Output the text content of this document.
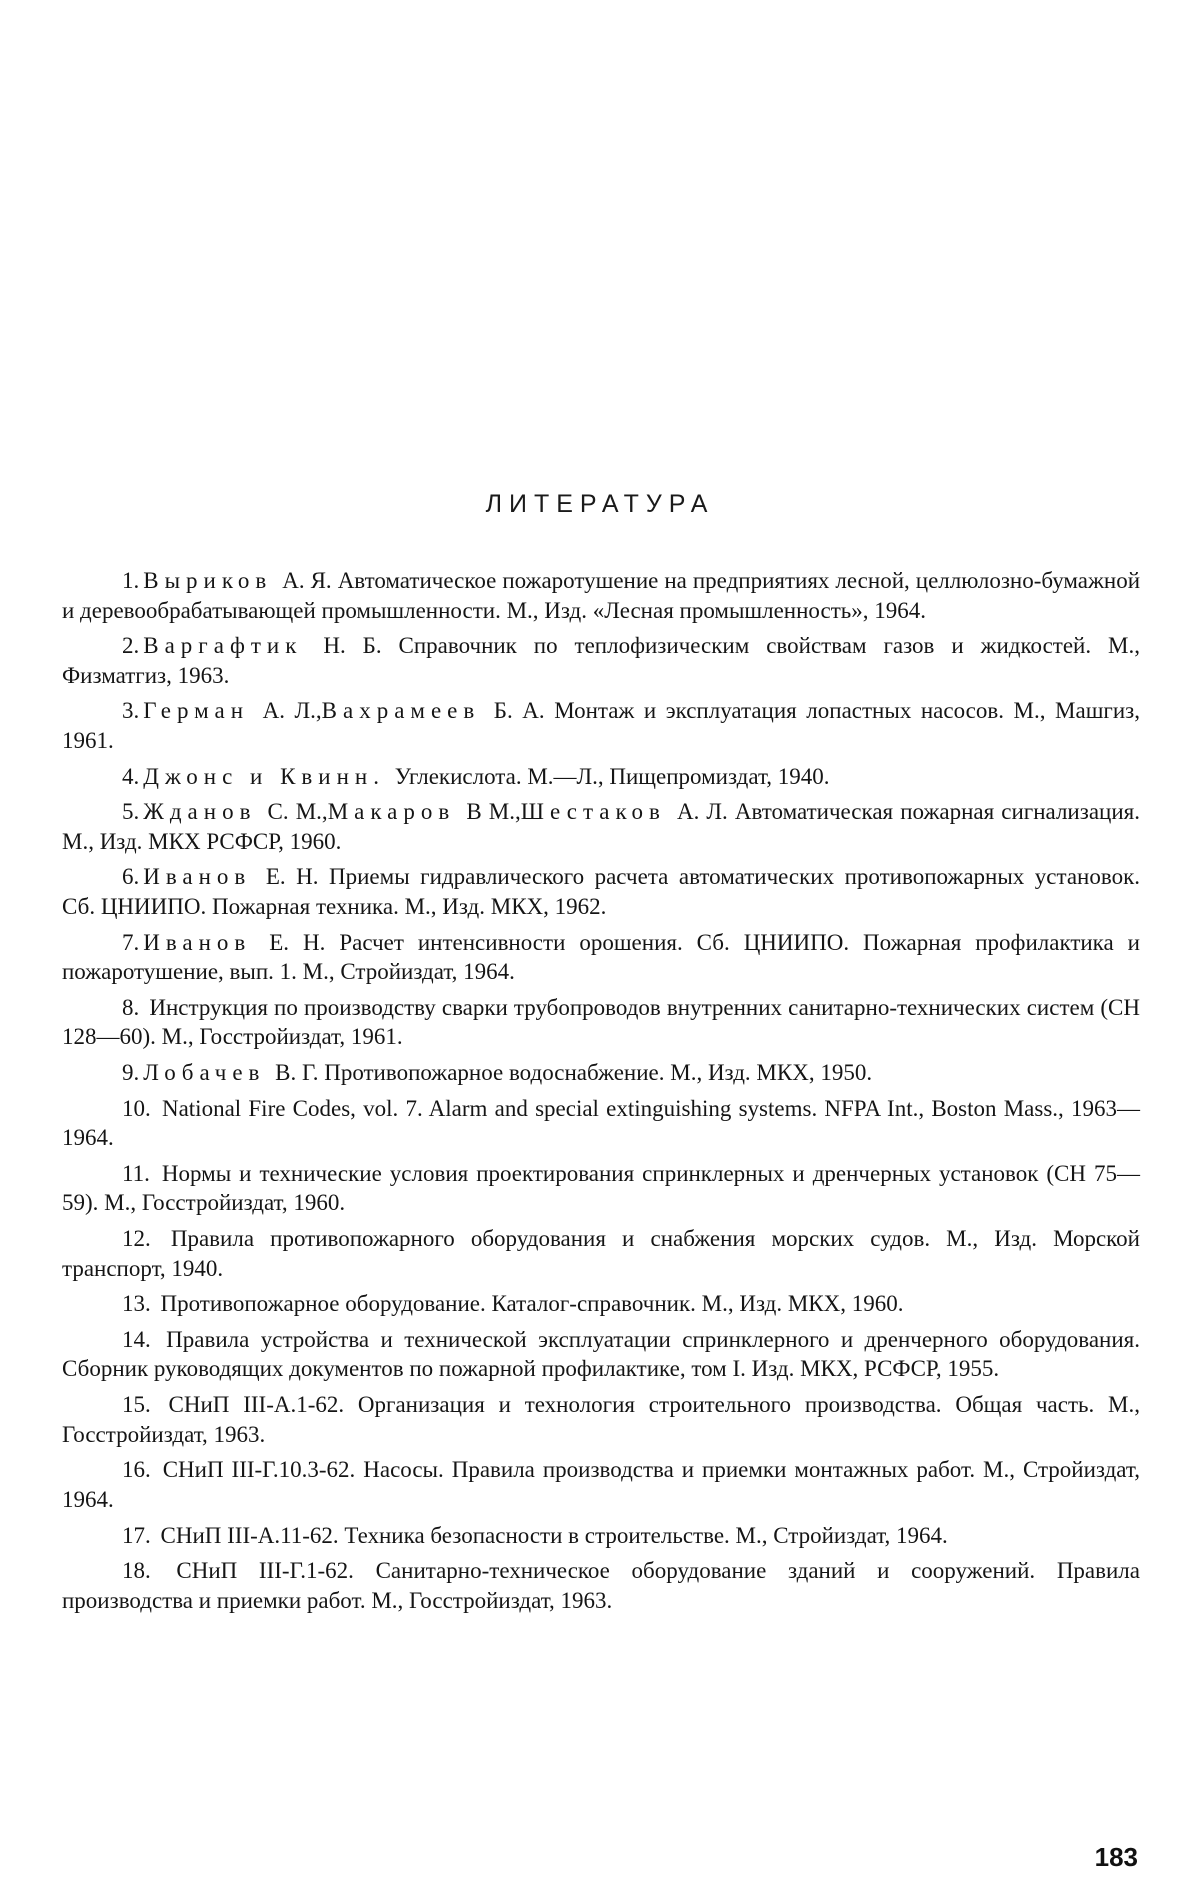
ЛИТЕРАТУРА
1. Выриков А. Я. Автоматическое пожаротушение на предприятиях лесной, целлюлозно-бумажной и деревообрабатывающей промышленности. М., Изд. «Лесная промышленность», 1964.
2. Варгафтик Н. Б. Справочник по теплофизическим свойствам газов и жидкостей. М., Физматгиз, 1963.
3. Герман А. Л.,Вахрамеев Б. А. Монтаж и эксплуатация лопастных насосов. М., Машгиз, 1961.
4. Джонс и Квинн. Углекислота. М.—Л., Пищепромиздат, 1940.
5. Жданов С. М.,Макаров В М.,Шестаков А. Л. Автоматическая пожарная сигнализация. М., Изд. МКХ РСФСР, 1960.
6. Иванов Е. Н. Приемы гидравлического расчета автоматических противопожарных установок. Сб. ЦНИИПО. Пожарная техника. М., Изд. МКХ, 1962.
7. Иванов Е. Н. Расчет интенсивности орошения. Сб. ЦНИИПО. Пожарная профилактика и пожаротушение, вып. 1. М., Стройиздат, 1964.
8. Инструкция по производству сварки трубопроводов внутренних санитарно-технических систем (СН 128—60). М., Госстройиздат, 1961.
9. Лобачев В. Г. Противопожарное водоснабжение. М., Изд. МКХ, 1950.
10. National Fire Codes, vol. 7. Alarm and special extinguishing systems. NFPA Int., Boston Mass., 1963—1964.
11. Нормы и технические условия проектирования спринклерных и дренчерных установок (СН 75—59). М., Госстройиздат, 1960.
12. Правила противопожарного оборудования и снабжения морских судов. М., Изд. Морской транспорт, 1940.
13. Противопожарное оборудование. Каталог-справочник. М., Изд. МКХ, 1960.
14. Правила устройства и технической эксплуатации спринклерного и дренчерного оборудования. Сборник руководящих документов по пожарной профилактике, том I. Изд. МКХ, РСФСР, 1955.
15. СНиП III-А.1-62. Организация и технология строительного производства. Общая часть. М., Госстройиздат, 1963.
16. СНиП III-Г.10.3-62. Насосы. Правила производства и приемки монтажных работ. М., Стройиздат, 1964.
17. СНиП III-А.11-62. Техника безопасности в строительстве. М., Стройиздат, 1964.
18. СНиП III-Г.1-62. Санитарно-техническое оборудование зданий и сооружений. Правила производства и приемки работ. М., Госстройиздат, 1963.
183
